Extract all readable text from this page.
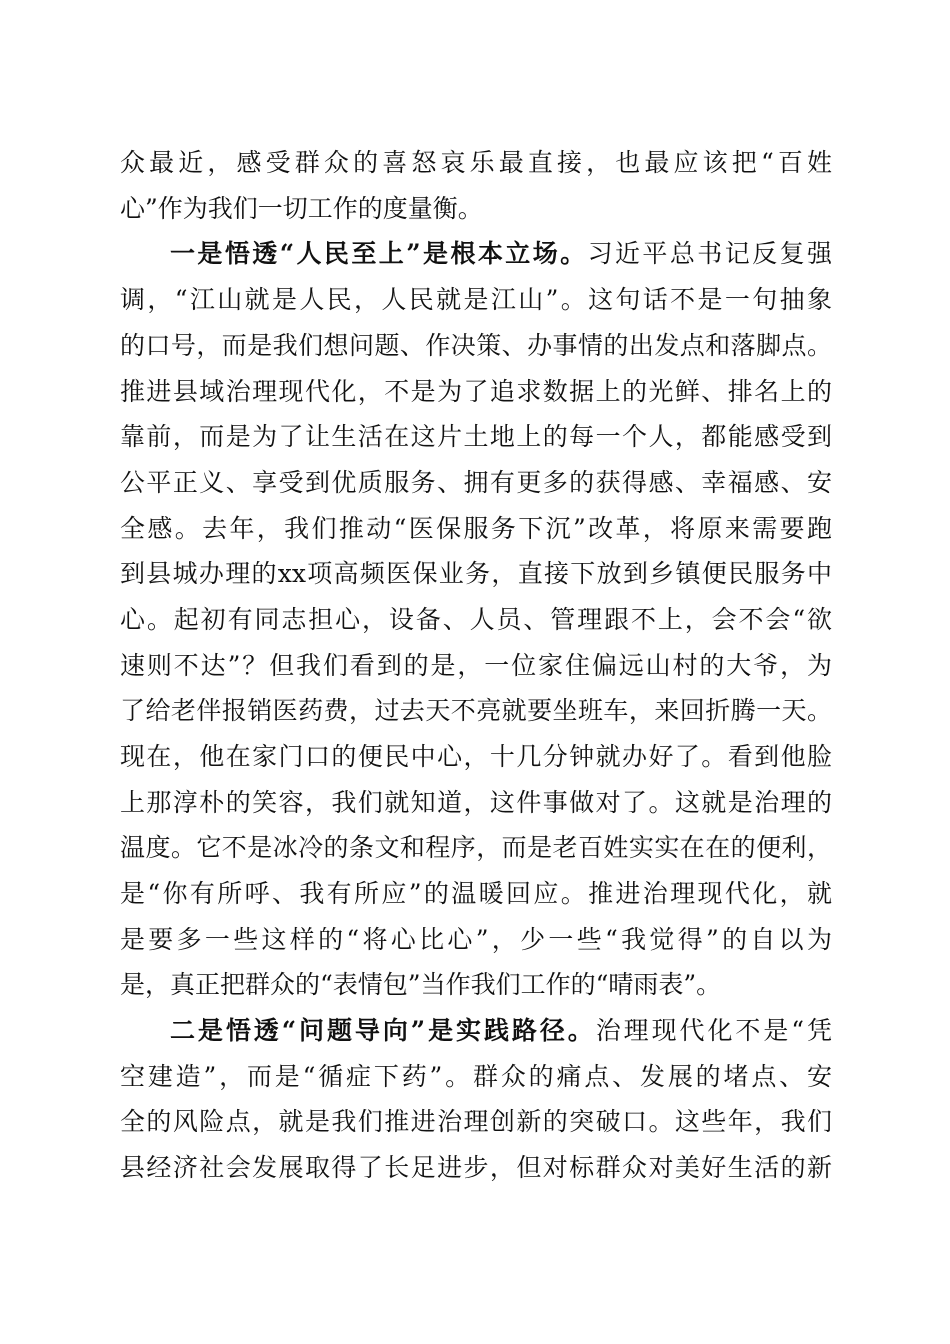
众最近，感受群众的喜怒哀乐最直接，也最应该把“百姓
心”作为我们一切工作的度量衡。
一是悟透“人民至上”是根本立场。习近平总书记反复强
调，“江山就是人民，人民就是江山”。这句话不是一句抽象
的口号，而是我们想问题、作决策、办事情的出发点和落脚点。
推进县域治理现代化，不是为了追求数据上的光鲜、排名上的
靠前，而是为了让生活在这片土地上的每一个人，都能感受到
公平正义、享受到优质服务、拥有更多的获得感、幸福感、安
全感。去年，我们推动“医保服务下沉”改革，将原来需要跑
到县城办理的xx项高频医保业务，直接下放到乡镇便民服务中
心。起初有同志担心，设备、人员、管理跟不上，会不会“欲
速则不达”？但我们看到的是，一位家住偏远山村的大爷，为
了给老伴报销医药费，过去天不亮就要坐班车，来回折腾一天。
现在，他在家门口的便民中心，十几分钟就办好了。看到他脸
上那淳朴的笑容，我们就知道，这件事做对了。这就是治理的
温度。它不是冰冷的条文和程序，而是老百姓实实在在的便利，
是“你有所呼、我有所应”的温暖回应。推进治理现代化，就
是要多一些这样的“将心比心”，少一些“我觉得”的自以为
是，真正把群众的“表情包”当作我们工作的“晴雨表”。
二是悟透“问题导向”是实践路径。治理现代化不是“凭
空建造”，而是“循症下药”。群众的痛点、发展的堵点、安
全的风险点，就是我们推进治理创新的突破口。这些年，我们
县经济社会发展取得了长足进步，但对标群众对美好生活的新
